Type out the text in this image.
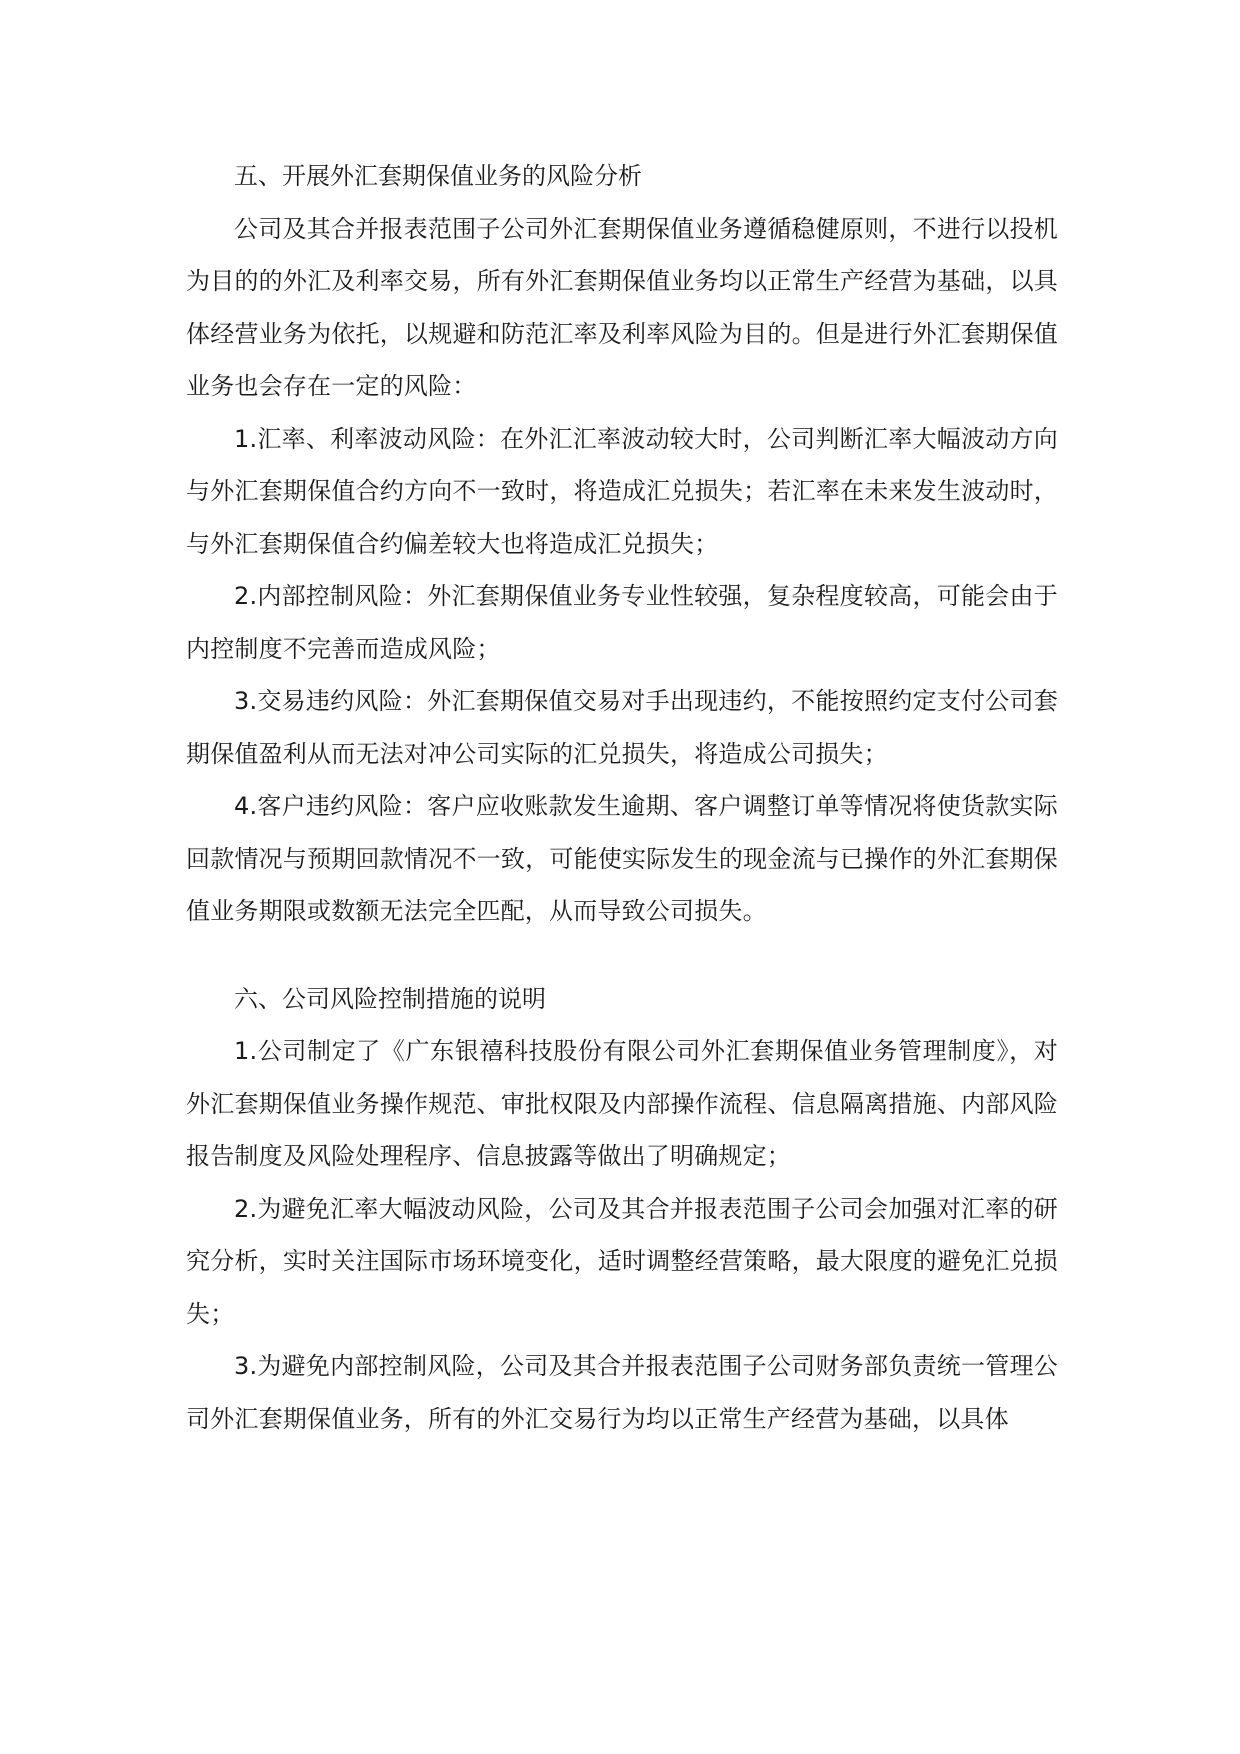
五、开展外汇套期保值业务的风险分析

公司及其合并报表范围子公司外汇套期保值业务遵循稳健原则，不进行以投机为目的的外汇及利率交易，所有外汇套期保值业务均以正常生产经营为基础，以具体经营业务为依托，以规避和防范汇率及利率风险为目的。但是进行外汇套期保值业务也会存在一定的风险：

1.汇率、利率波动风险：在外汇汇率波动较大时，公司判断汇率大幅波动方向与外汇套期保值合约方向不一致时，将造成汇兑损失；若汇率在未来发生波动时，与外汇套期保值合约偏差较大也将造成汇兑损失；

2.内部控制风险：外汇套期保值业务专业性较强，复杂程度较高，可能会由于内控制度不完善而造成风险；

3.交易违约风险：外汇套期保值交易对手出现违约，不能按照约定支付公司套期保值盈利从而无法对冲公司实际的汇兑损失，将造成公司损失；

4.客户违约风险：客户应收账款发生逾期、客户调整订单等情况将使货款实际回款情况与预期回款情况不一致，可能使实际发生的现金流与已操作的外汇套期保值业务期限或数额无法完全匹配，从而导致公司损失。

六、公司风险控制措施的说明

1.公司制定了《广东银禧科技股份有限公司外汇套期保值业务管理制度》，对外汇套期保值业务操作规范、审批权限及内部操作流程、信息隔离措施、内部风险报告制度及风险处理程序、信息披露等做出了明确规定；

2.为避免汇率大幅波动风险，公司及其合并报表范围子公司会加强对汇率的研究分析，实时关注国际市场环境变化，适时调整经营策略，最大限度的避免汇兑损失；

3.为避免内部控制风险，公司及其合并报表范围子公司财务部负责统一管理公司外汇套期保值业务，所有的外汇交易行为均以正常生产经营为基础，以具体
